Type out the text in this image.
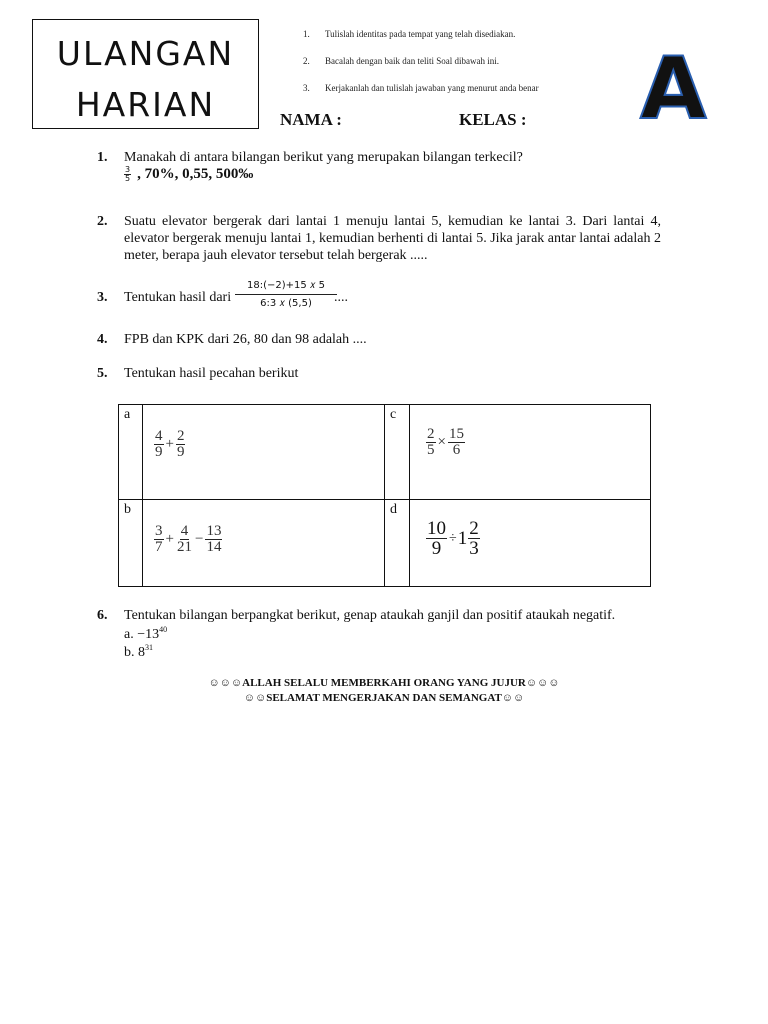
ULANGAN
HARIAN
1. Tulislah identitas pada tempat yang telah disediakan.
2. Bacalah dengan baik dan teliti Soal dibawah ini.
3. Kerjakanlah dan tulislah jawaban yang menurut anda benar A
NAMA :	KELAS :
1. Manakah di antara bilangan berikut yang merupakan bilangan terkecil?
$\frac{3}{5}$ , 70%, 0,55, 500‰
2. Suatu elevator bergerak dari lantai 1 menuju lantai 5, kemudian ke lantai 3. Dari lantai 4,
elevator bergerak menuju lantai 1, kemudian berhenti di lantai 5. Jika jarak antar lantai adalah 2
meter, berapa jauh elevator tersebut telah bergerak .....
3. Tentukan hasil dari
18:(−2)+15 𝑥 5
6:3 𝑥 (5,5)	....
4. FPB dan KPK dari 26, 80 dan 98 adalah ....
5. Tentukan hasil pecahan berikut
a
$\frac{4}{9} + \frac{2}{9}$
c
$\frac{2}{5} \times \frac{15}{6}$
b
$\frac{3}{7} + \frac{4}{21} - \frac{13}{14}$
d
$\frac{10}{9} \div 1 \frac{2}{3}$
6. Tentukan bilangan berpangkat berikut, genap ataukah ganjil dan positif ataukah negatif.
a. $-13^{40}$
b. $8^{31}$
☺☺☺ALLAH SELALU MEMBERKAHI ORANG YANG JUJUR☺☺☺
☺☺SELAMAT MENGERJAKAN DAN SEMANGAT☺☺
